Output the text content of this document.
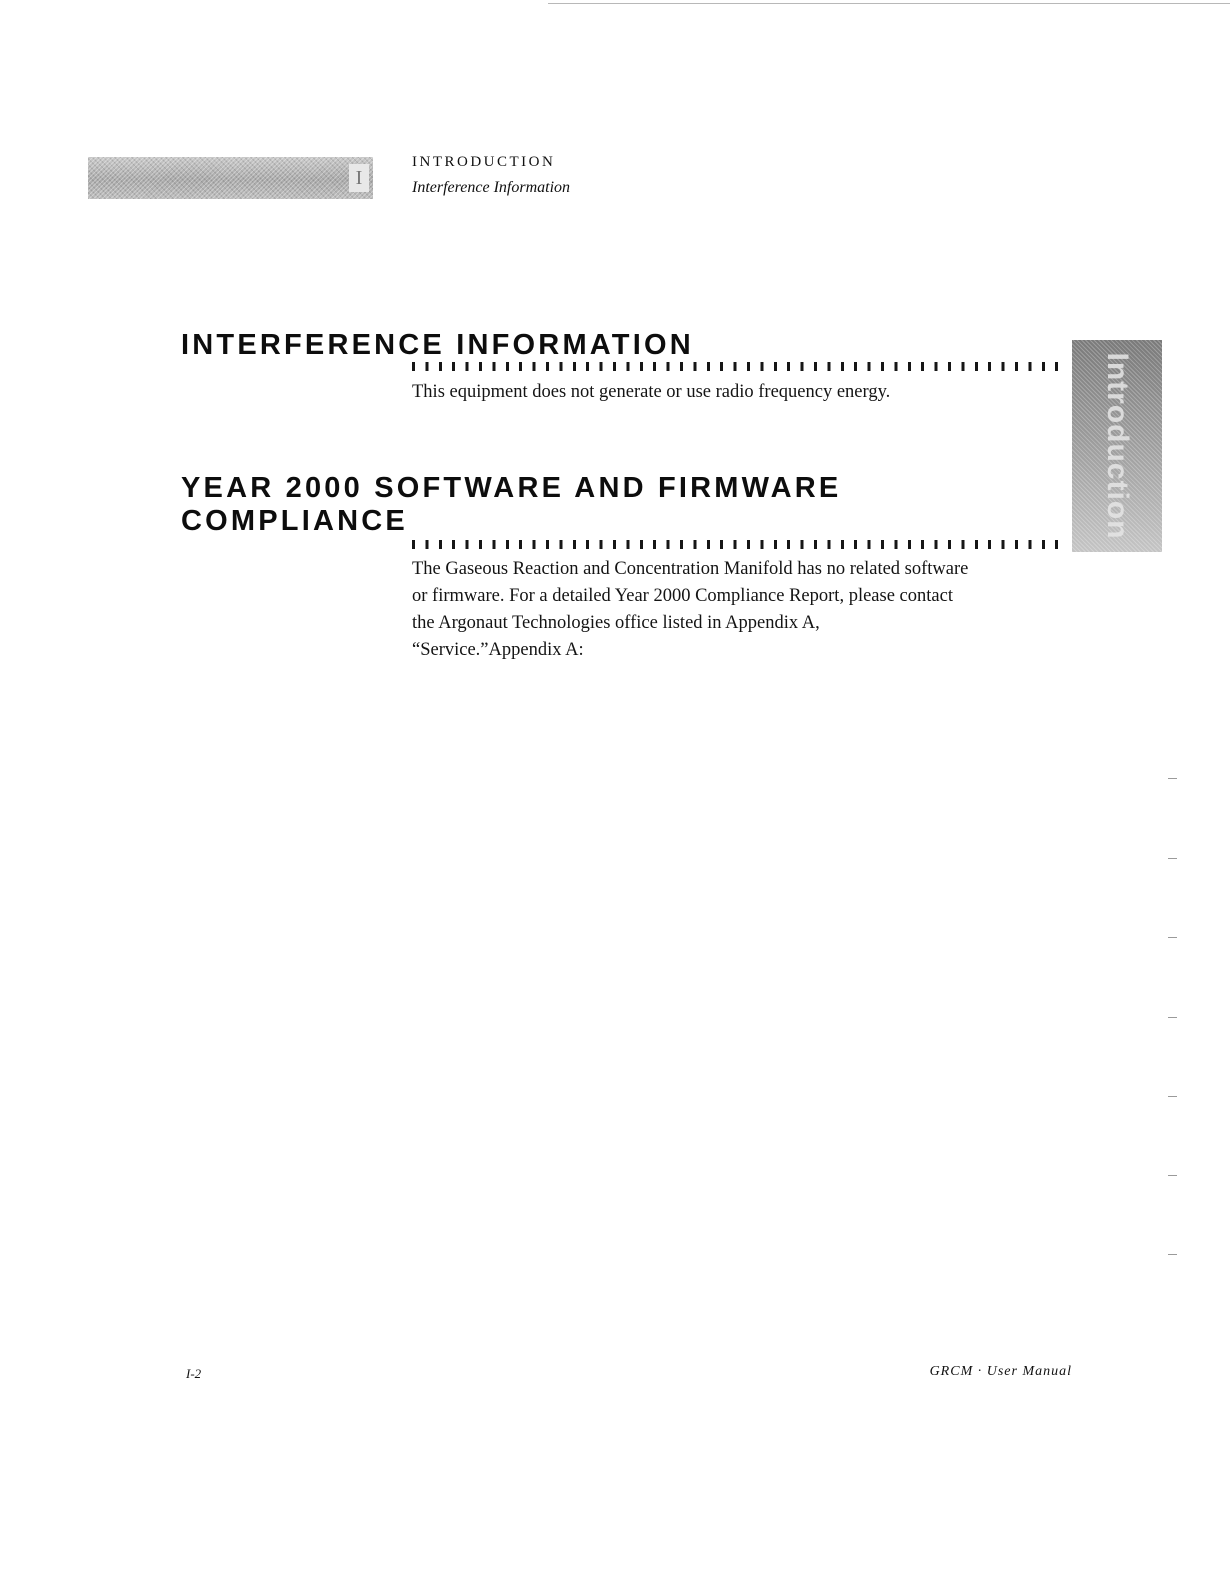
I
INTRODUCTION
Interference Information
INTERFERENCE INFORMATION

This equipment does not generate or use radio frequency energy.

YEAR 2000 SOFTWARE AND FIRMWARE
COMPLIANCE
The Gaseous Reaction and Concentration Manifold has no related software
or firmware. For a detailed Year 2000 Compliance Report, please contact
the Argonaut Technologies office listed in Appendix A,
“Service.”Appendix A:
Introduction
I-2	GRCM · User Manual
